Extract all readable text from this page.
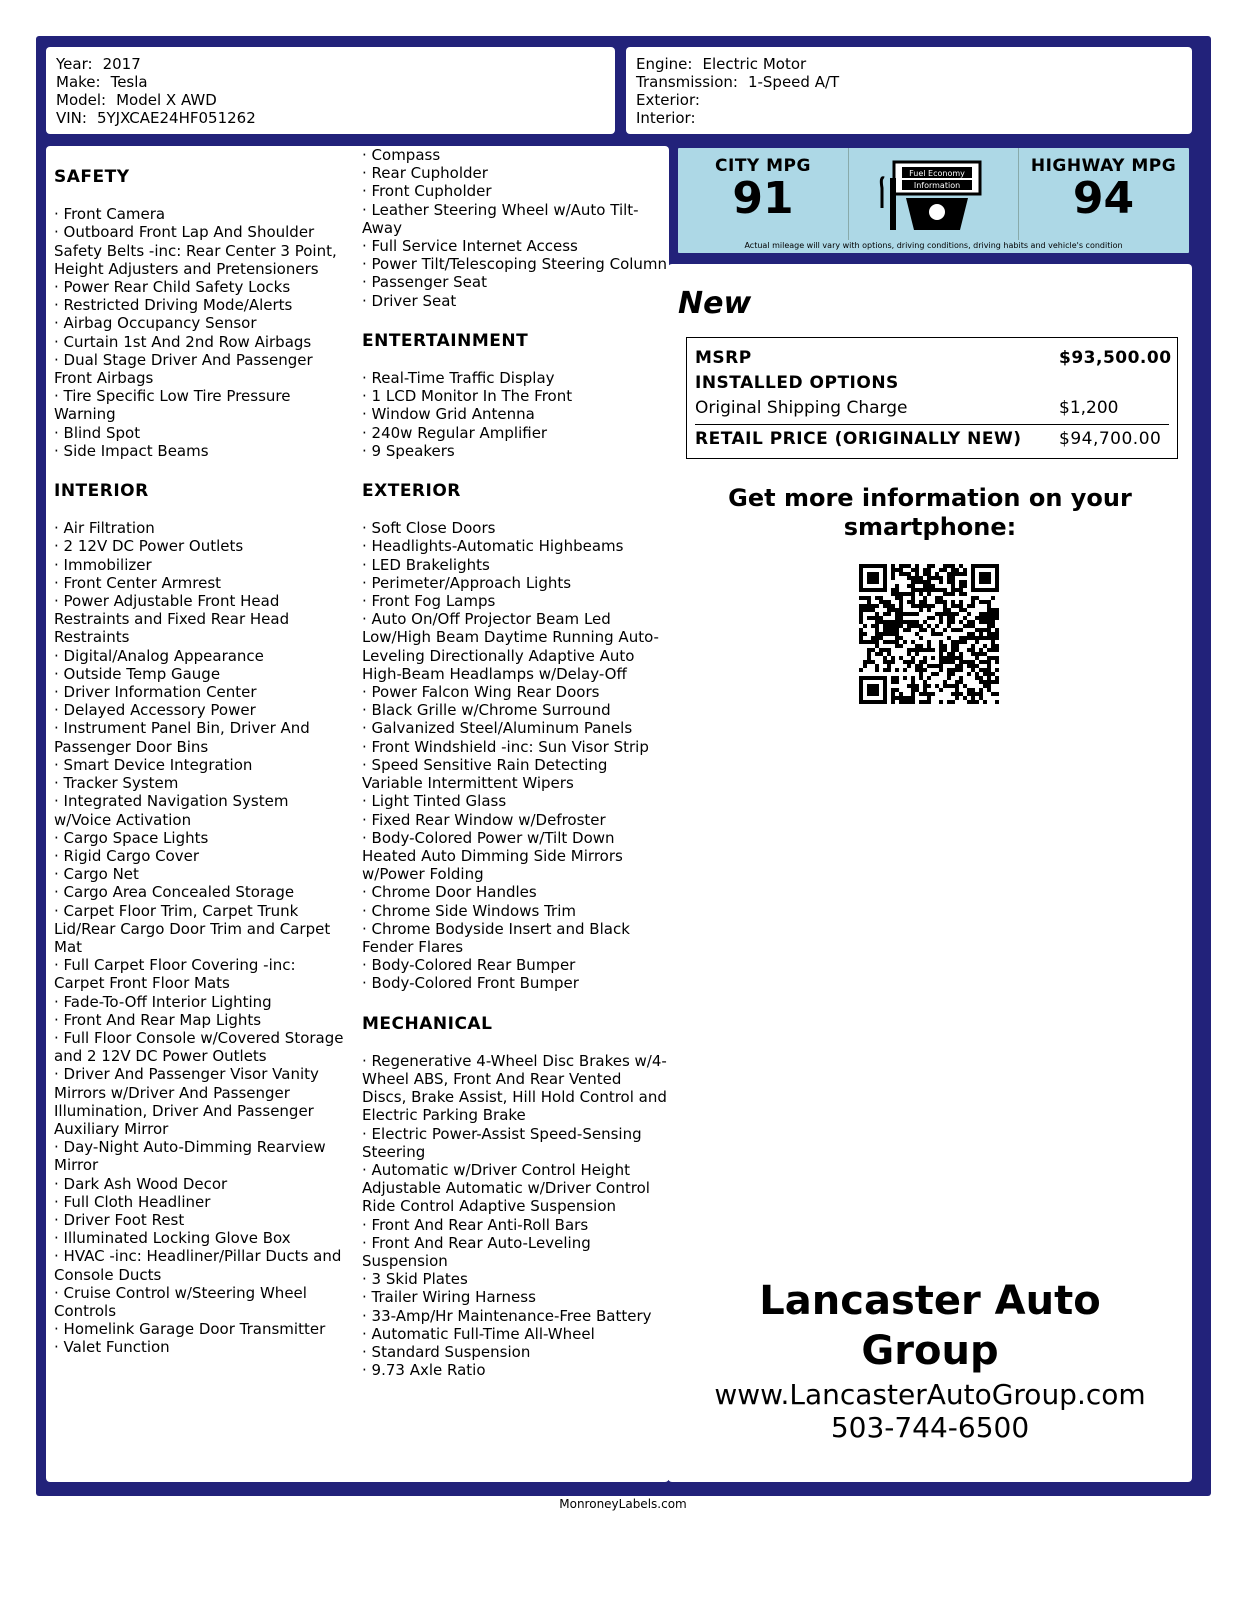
Year: 2017
Make: Tesla
Model: Model X AWD
VIN: 5YJXCAE24HF051262
Engine: Electric Motor
Transmission: 1-Speed A/T
Exterior:
Interior:
SAFETY
· Front Camera
· Outboard Front Lap And Shoulder Safety Belts -inc: Rear Center 3 Point, Height Adjusters and Pretensioners
· Power Rear Child Safety Locks
· Restricted Driving Mode/Alerts
· Airbag Occupancy Sensor
· Curtain 1st And 2nd Row Airbags
· Dual Stage Driver And Passenger Front Airbags
· Tire Specific Low Tire Pressure Warning
· Blind Spot
· Side Impact Beams
INTERIOR
· Air Filtration
· 2 12V DC Power Outlets
· Immobilizer
· Front Center Armrest
· Power Adjustable Front Head Restraints and Fixed Rear Head Restraints
· Digital/Analog Appearance
· Outside Temp Gauge
· Driver Information Center
· Delayed Accessory Power
· Instrument Panel Bin, Driver And Passenger Door Bins
· Smart Device Integration
· Tracker System
· Integrated Navigation System w/Voice Activation
· Cargo Space Lights
· Rigid Cargo Cover
· Cargo Net
· Cargo Area Concealed Storage
· Carpet Floor Trim, Carpet Trunk Lid/Rear Cargo Door Trim and Carpet Mat
· Full Carpet Floor Covering -inc: Carpet Front Floor Mats
· Fade-To-Off Interior Lighting
· Front And Rear Map Lights
· Full Floor Console w/Covered Storage and 2 12V DC Power Outlets
· Driver And Passenger Visor Vanity Mirrors w/Driver And Passenger Illumination, Driver And Passenger Auxiliary Mirror
· Day-Night Auto-Dimming Rearview Mirror
· Dark Ash Wood Decor
· Full Cloth Headliner
· Driver Foot Rest
· Illuminated Locking Glove Box
· HVAC -inc: Headliner/Pillar Ducts and Console Ducts
· Cruise Control w/Steering Wheel Controls
· Homelink Garage Door Transmitter
· Valet Function
· Compass
· Rear Cupholder
· Front Cupholder
· Leather Steering Wheel w/Auto Tilt-Away
· Full Service Internet Access
· Power Tilt/Telescoping Steering Column
· Passenger Seat
· Driver Seat
ENTERTAINMENT
· Real-Time Traffic Display
· 1 LCD Monitor In The Front
· Window Grid Antenna
· 240w Regular Amplifier
· 9 Speakers
EXTERIOR
· Soft Close Doors
· Headlights-Automatic Highbeams
· LED Brakelights
· Perimeter/Approach Lights
· Front Fog Lamps
· Auto On/Off Projector Beam Led Low/High Beam Daytime Running Auto-Leveling Directionally Adaptive Auto High-Beam Headlamps w/Delay-Off
· Power Falcon Wing Rear Doors
· Black Grille w/Chrome Surround
· Galvanized Steel/Aluminum Panels
· Front Windshield -inc: Sun Visor Strip
· Speed Sensitive Rain Detecting Variable Intermittent Wipers
· Light Tinted Glass
· Fixed Rear Window w/Defroster
· Body-Colored Power w/Tilt Down Heated Auto Dimming Side Mirrors w/Power Folding
· Chrome Door Handles
· Chrome Side Windows Trim
· Chrome Bodyside Insert and Black Fender Flares
· Body-Colored Rear Bumper
· Body-Colored Front Bumper
MECHANICAL
· Regenerative 4-Wheel Disc Brakes w/4-Wheel ABS, Front And Rear Vented Discs, Brake Assist, Hill Hold Control and Electric Parking Brake
· Electric Power-Assist Speed-Sensing Steering
· Automatic w/Driver Control Height Adjustable Automatic w/Driver Control Ride Control Adaptive Suspension
· Front And Rear Anti-Roll Bars
· Front And Rear Auto-Leveling Suspension
· 3 Skid Plates
· Trailer Wiring Harness
· 33-Amp/Hr Maintenance-Free Battery
· Automatic Full-Time All-Wheel
· Standard Suspension
· 9.73 Axle Ratio
CITY MPG
91	Fuel Economy
Information
HIGHWAY MPG
94
Actual mileage will vary with options, driving conditions, driving habits and vehicle's condition
New
MSRP	$93,500.00
INSTALLED OPTIONS
Original Shipping Charge	$1,200
RETAIL PRICE (ORIGINALLY NEW) $94,700.00
Get more information on your
smartphone:
Lancaster Auto
Group
www.LancasterAutoGroup.com
503-744-6500
MonroneyLabels.com
